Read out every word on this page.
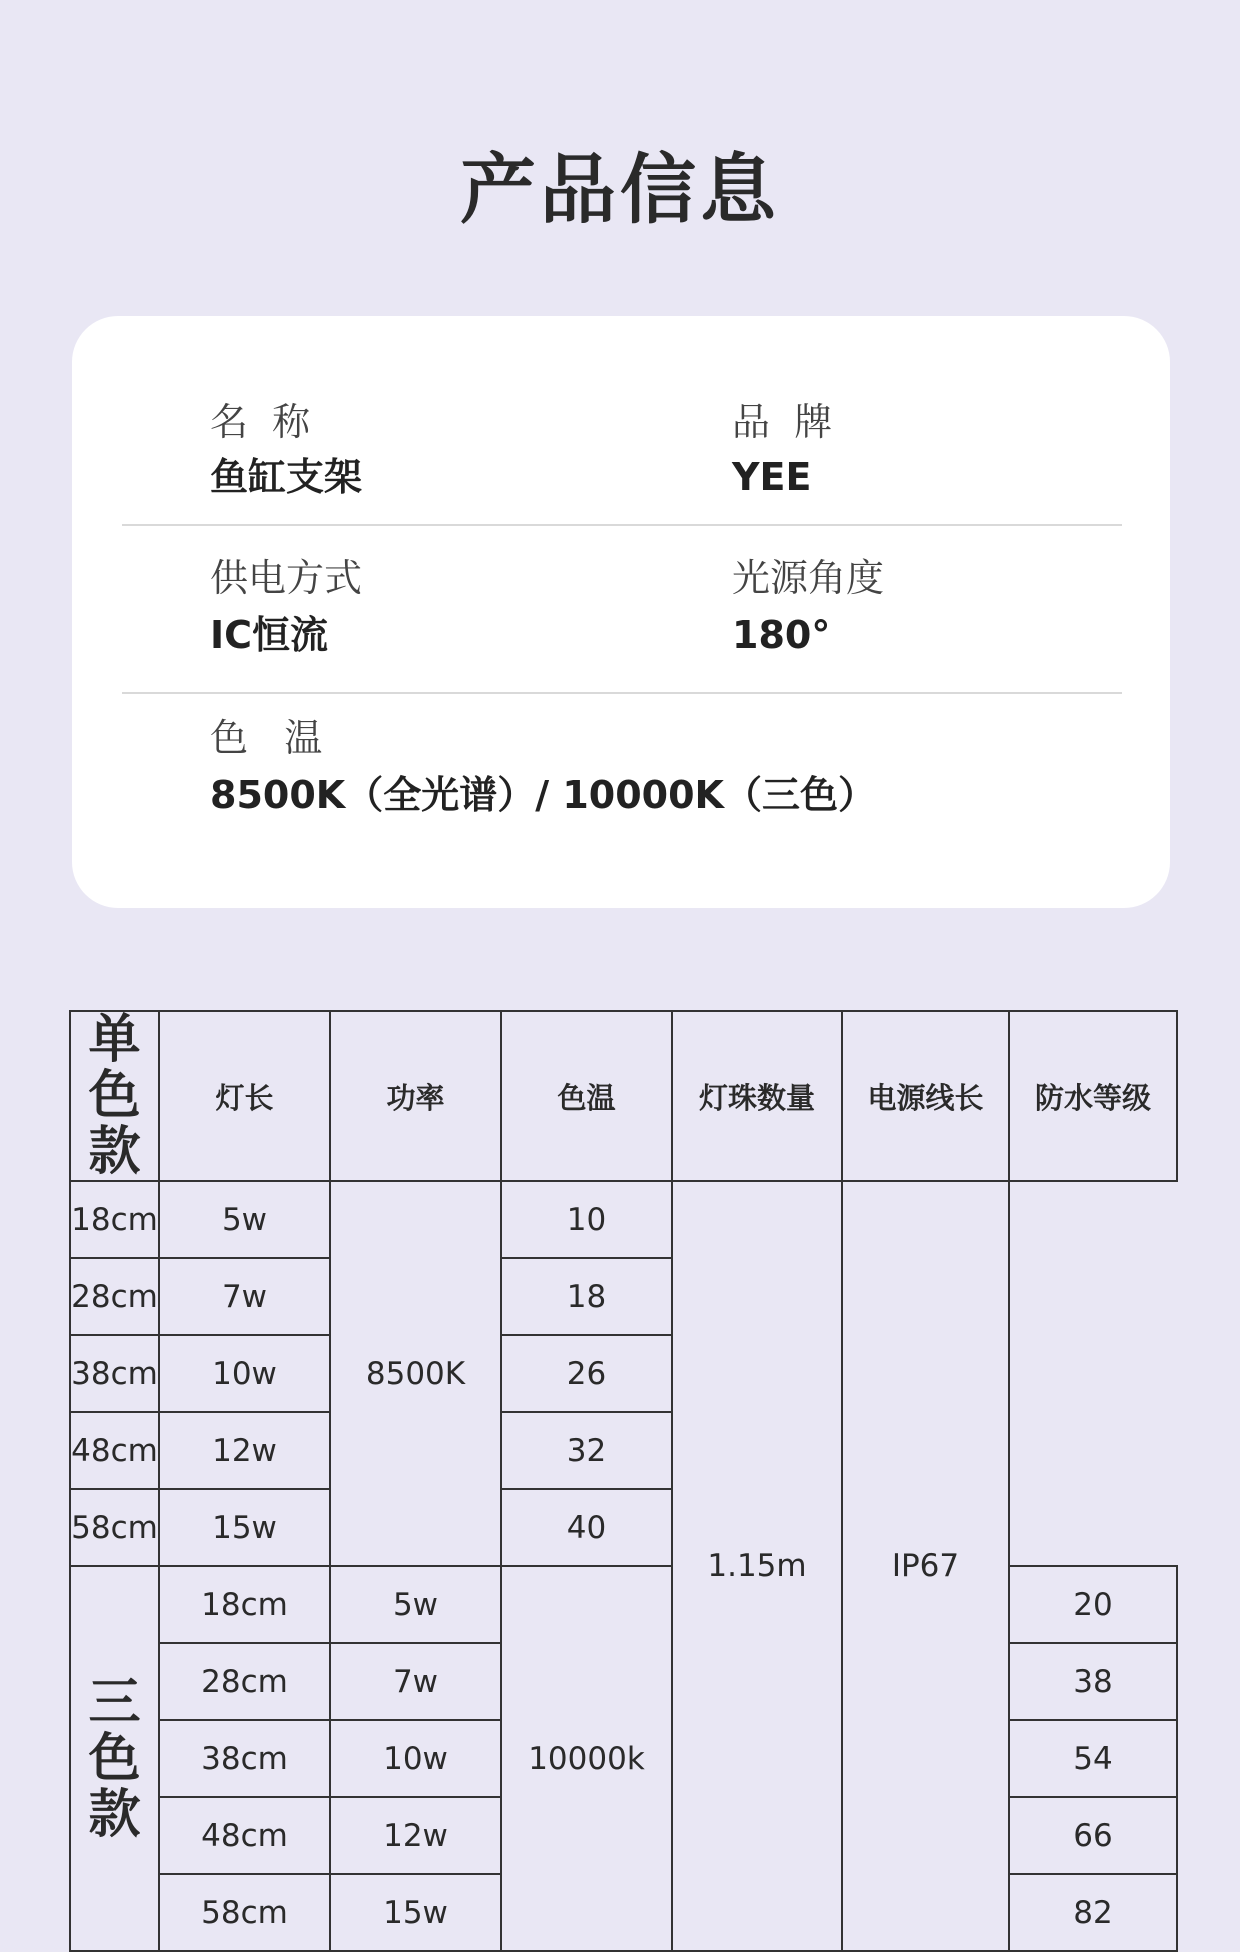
产品信息
名  称
鱼缸支架
品  牌
YEE
供电方式
IC恒流
光源角度
180°
色   温
8500K（全光谱）/ 10000K（三色）
单
色
款	灯长	功率	色温	灯珠数量	电源线长	防水等级
18cm	5w	8500K	10	1.15m	IP67	
28cm	7w		18			
38cm	10w		26			
48cm	12w		32			
58cm	15w		40			

三
色
款	18cm	5w	10000k			20
	28cm	7w				38
	38cm	10w				54
	48cm	12w				66
	58cm	15w				82
